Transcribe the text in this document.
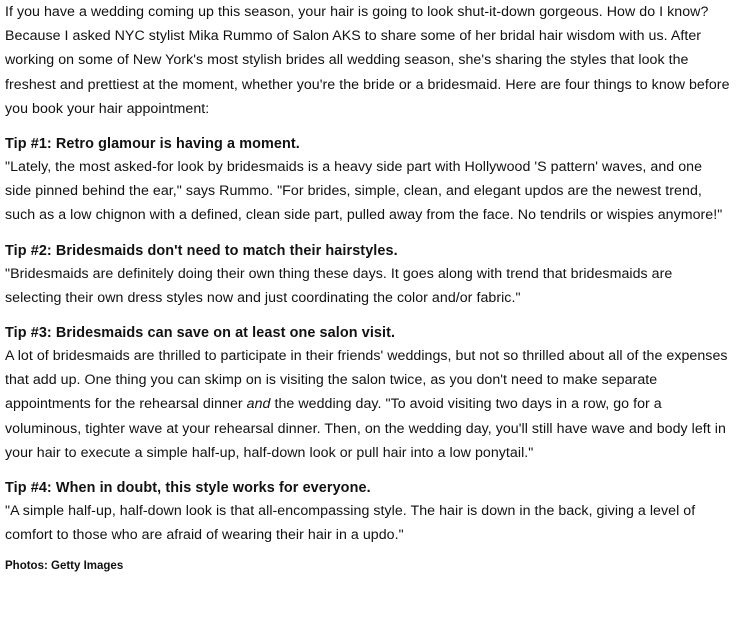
If you have a wedding coming up this season, your hair is going to look shut-it-down gorgeous. How do I know? Because I asked NYC stylist Mika Rummo of Salon AKS to share some of her bridal hair wisdom with us. After working on some of New York's most stylish brides all wedding season, she's sharing the styles that look the freshest and prettiest at the moment, whether you're the bride or a bridesmaid. Here are four things to know before you book your hair appointment:

Tip #1: Retro glamour is having a moment.

"Lately, the most asked-for look by bridesmaids is a heavy side part with Hollywood 'S pattern' waves, and one side pinned behind the ear," says Rummo. "For brides, simple, clean, and elegant updos are the newest trend, such as a low chignon with a defined, clean side part, pulled away from the face. No tendrils or wispies anymore!"

Tip #2: Bridesmaids don't need to match their hairstyles.

"Bridesmaids are definitely doing their own thing these days. It goes along with trend that bridesmaids are selecting their own dress styles now and just coordinating the color and/or fabric."

Tip #3: Bridesmaids can save on at least one salon visit.

A lot of bridesmaids are thrilled to participate in their friends' weddings, but not so thrilled about all of the expenses that add up. One thing you can skimp on is visiting the salon twice, as you don't need to make separate appointments for the rehearsal dinner and the wedding day. "To avoid visiting two days in a row, go for a voluminous, tighter wave at your rehearsal dinner. Then, on the wedding day, you'll still have wave and body left in your hair to execute a simple half-up, half-down look or pull hair into a low ponytail."

Tip #4: When in doubt, this style works for everyone.

"A simple half-up, half-down look is that all-encompassing style. The hair is down in the back, giving a level of comfort to those who are afraid of wearing their hair in a updo."

Photos: Getty Images
